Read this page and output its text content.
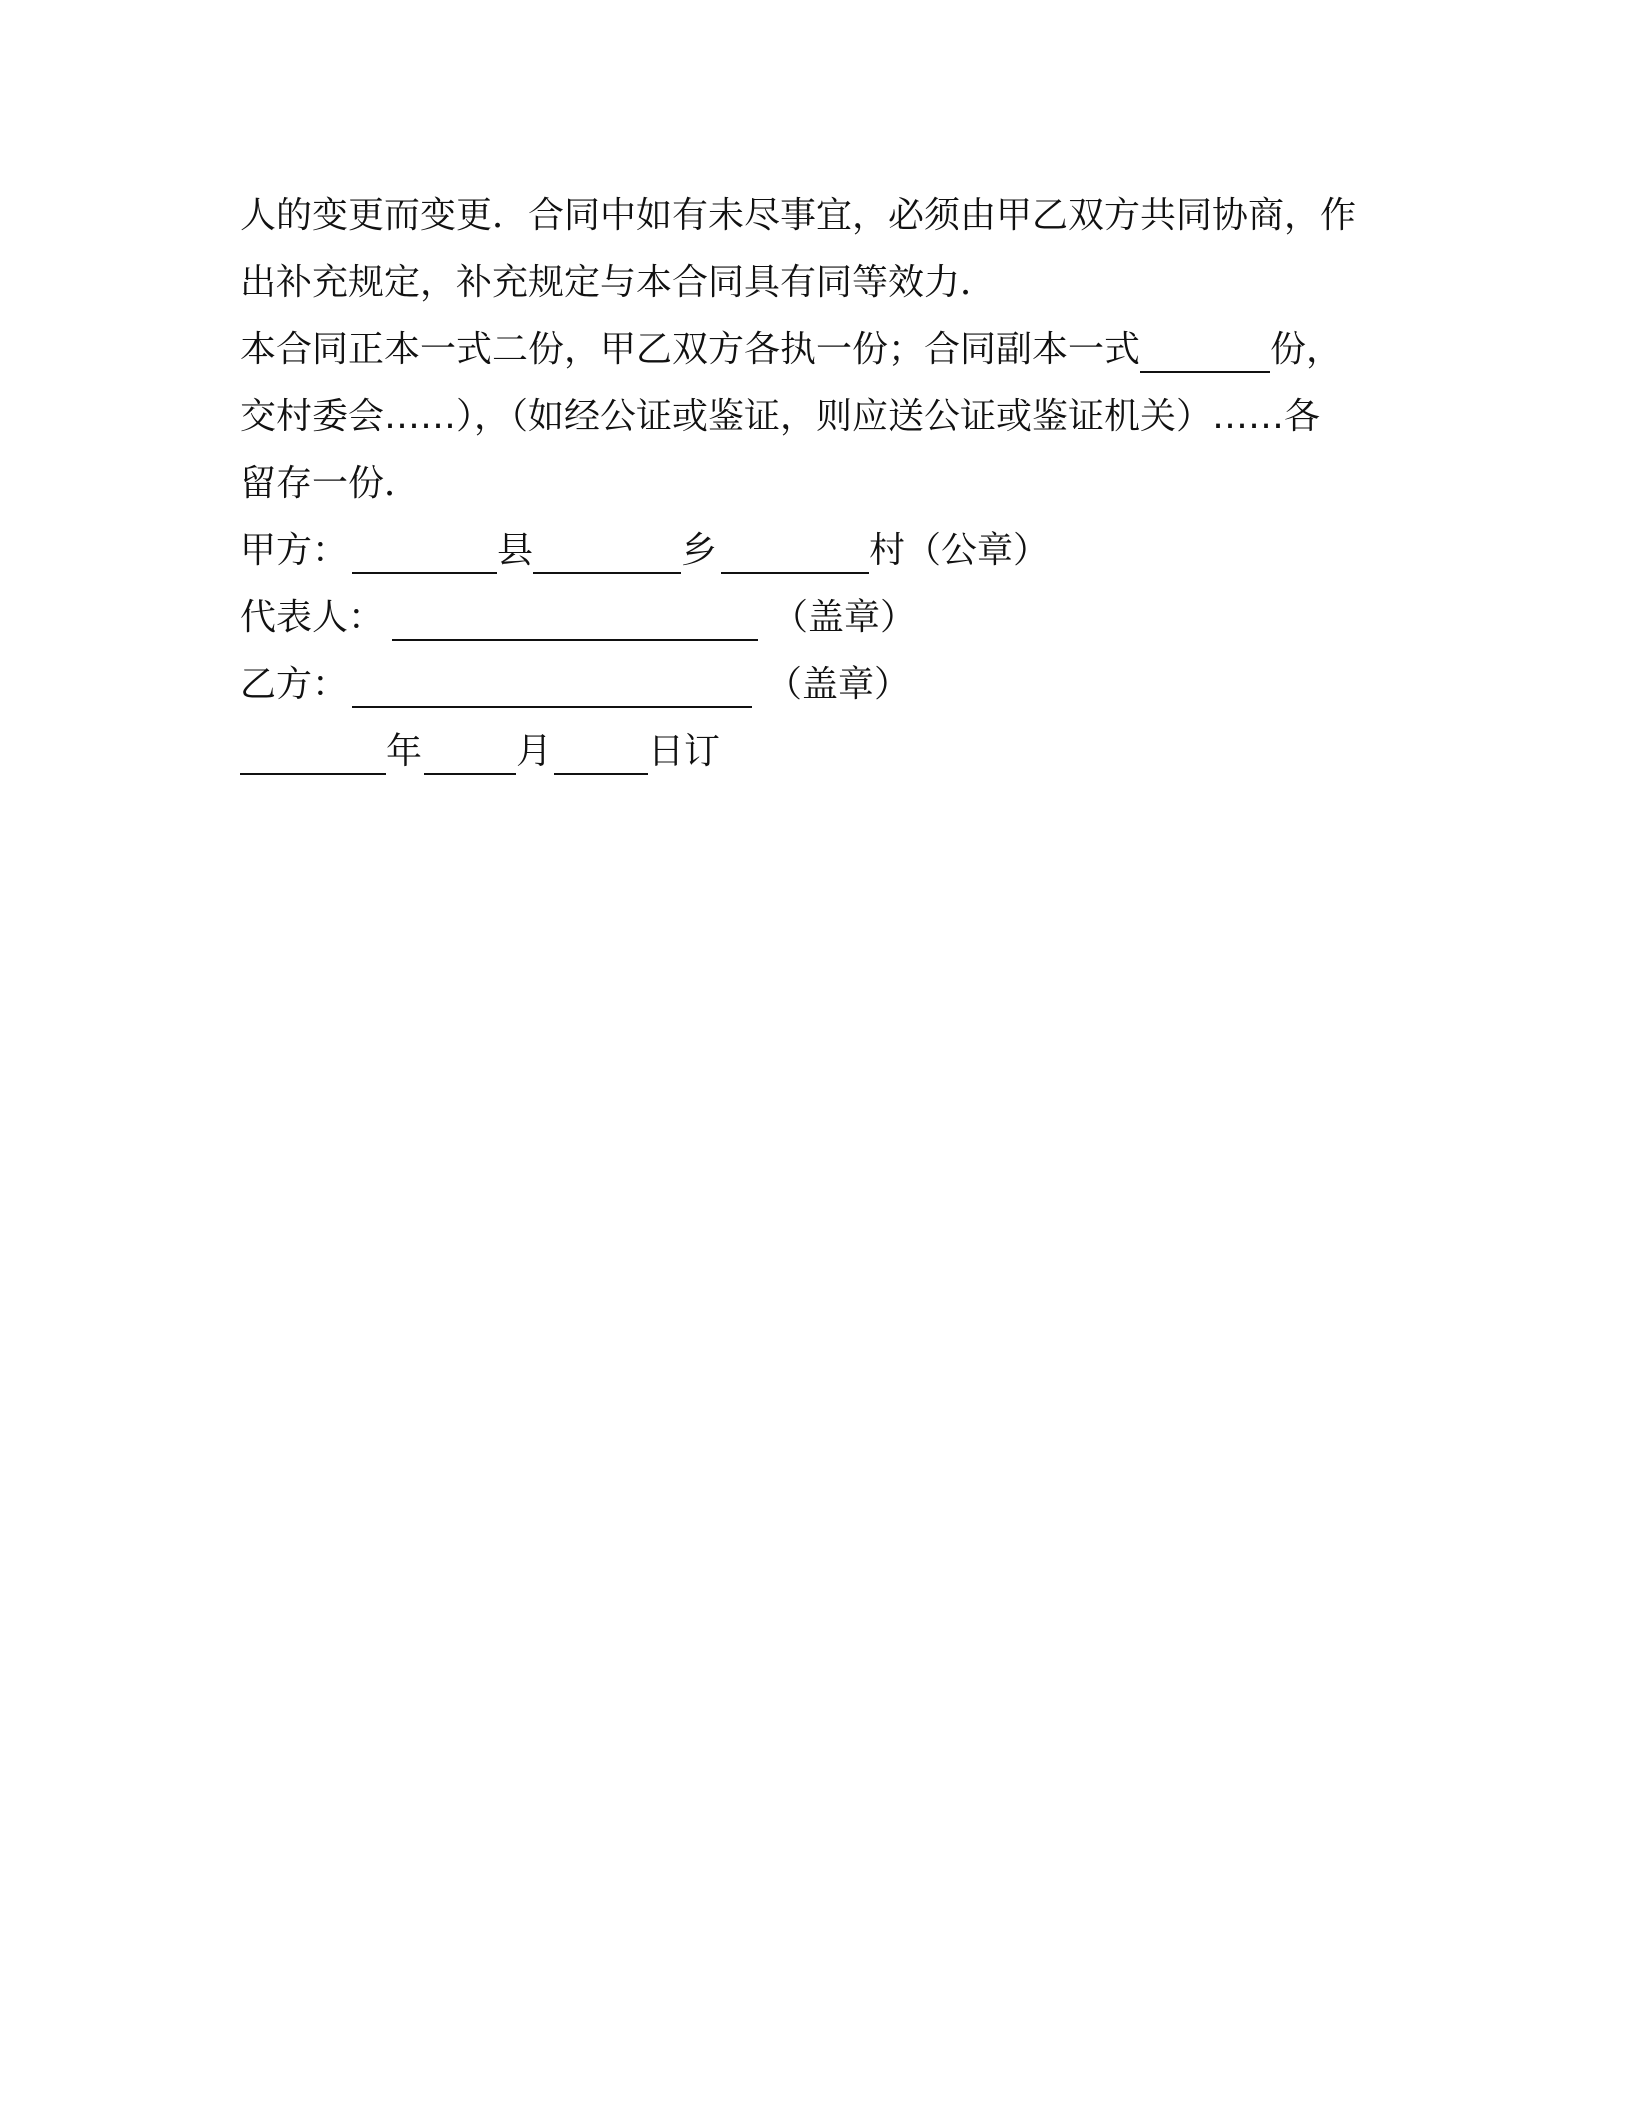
人的变更而变更．合同中如有未尽事宜，必须由甲乙双方共同协商，作
出补充规定，补充规定与本合同具有同等效力．
本合同正本一式二份，甲乙双方各执一份；合同副本一式	份，
交村委会……），（如经公证或鉴证，则应送公证或鉴证机关）……各
留存一份．
甲方：	县	乡	村（公章）
代表人：	（盖章）
乙方：	（盖章）
年	月	日订
